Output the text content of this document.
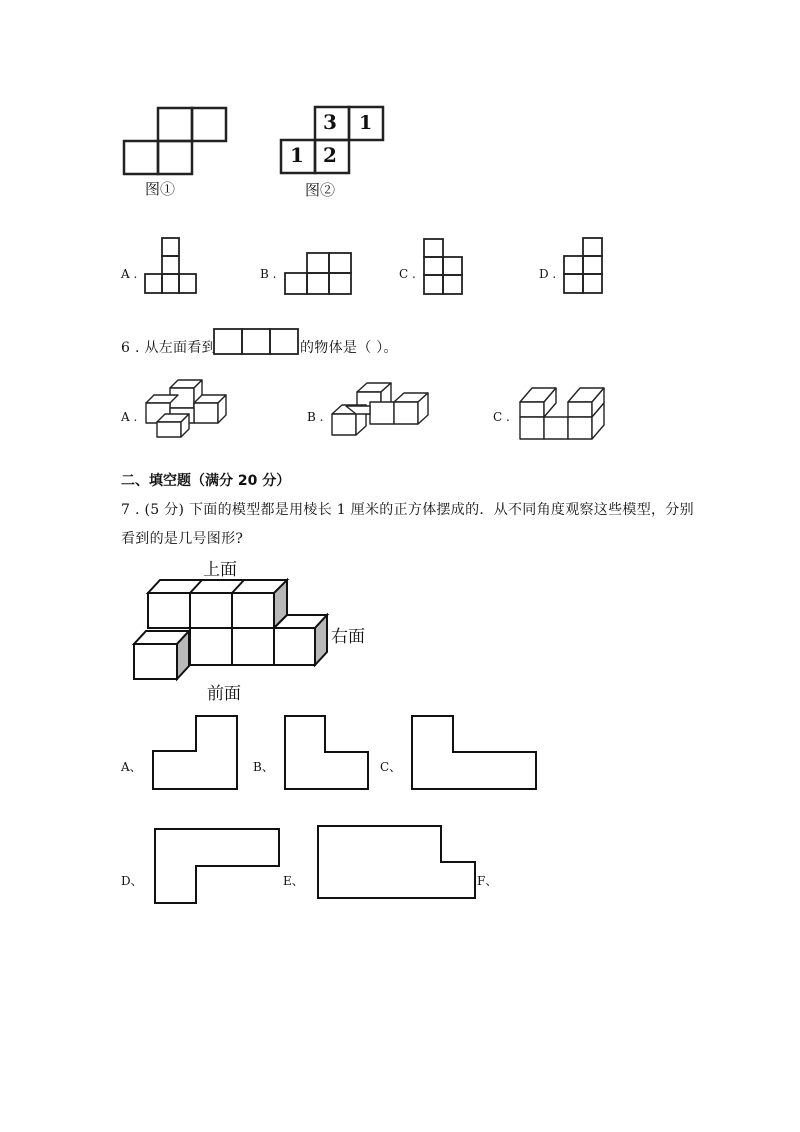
图①	图②
3 1
1 2
A .	B .	C .	D .
6 . 从左面看到	的物体是（ ）。
A .	B .	C .
二、填空题（满分 20 分）
7 . (5 分) 下面的模型都是用棱长 1 厘米的正方体摆成的．从不同角度观察这些模型，分别
看到的是几号图形?
上面
右面
前面
A、	B、	C、
D、	E、	F、
